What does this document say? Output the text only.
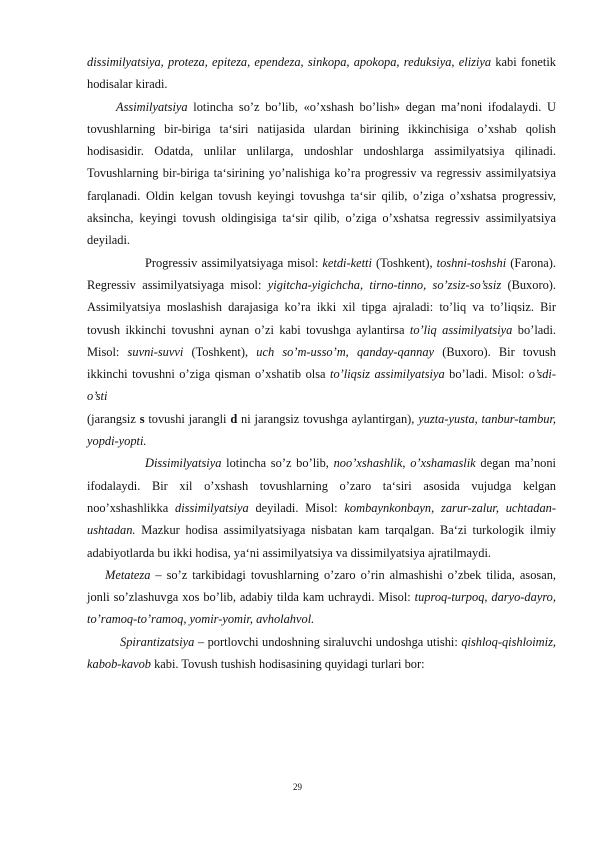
dissimilyatsiya, proteza, epiteza, ependeza, sinkopa, apokopa, reduksiya, eliziya kabi fonetik hodisalar kiradi.

Assimilyatsiya lotincha so’z bo’lib, «o’xshash bo’lish» degan ma’noni ifodalaydi. U tovushlarning bir-biriga ta‘siri natijasida ulardan birining ikkinchisiga o’xshab qolish hodisasidir. Odatda, unlilar unlilarga, undoshlar undoshlarga assimilyatsiya qilinadi. Tovushlarning bir-biriga ta‘sirining yo’nalishiga ko’ra progressiv va regressiv assimilyatsiya farqlanadi. Oldin kelgan tovush keyingi tovushga ta‘sir qilib, o’ziga o’xshatsa progressiv, aksincha, keyingi tovush oldingisiga ta‘sir qilib, o’ziga o’xshatsa regressiv assimilyatsiya deyiladi.

Progressiv assimilyatsiyaga misol: ketdi-ketti (Toshkent), toshni-toshshi (Farona). Regressiv assimilyatsiyaga misol: yigitcha-yigichcha, tirno-tinno, so’zsiz-so’ssiz (Buxoro). Assimilyatsiya moslashish darajasiga ko’ra ikki xil tipga ajraladi: to’liq va to’liqsiz. Bir tovush ikkinchi tovushni aynan o’zi kabi tovushga aylantirsa to’liq assimilyatsiya bo’ladi. Misol: suvni-suvvi (Toshkent), uch so’m-usso’m, qanday-qannay (Buxoro). Bir tovush ikkinchi tovushni o’ziga qisman o’xshatib olsa to’liqsiz assimilyatsiya bo’ladi. Misol: o’sdi-o’sti

(jarangsiz s tovushi jarangli d ni jarangsiz tovushga aylantirgan), yuzta-yusta, tanbur-tambur, yopdi-yopti.

Dissimilyatsiya lotincha so’z bo’lib, noo’xshashlik, o’xshamaslik degan ma’noni ifodalaydi. Bir xil o’xshash tovushlarning o’zaro ta‘siri asosida vujudga kelgan noo’xshashlikka dissimilyatsiya deyiladi. Misol: kombaynkonbayn, zarur-zalur, uchtadan-ushtadan. Mazkur hodisa assimilyatsiyaga nisbatan kam tarqalgan. Ba‘zi turkologik ilmiy adabiyotlarda bu ikki hodisa, ya‘ni assimilyatsiya va dissimilyatsiya ajratilmaydi.

Metateza – so’z tarkibidagi tovushlarning o’zaro o’rin almashishi o’zbek tilida, asosan, jonli so’zlashuvga xos bo’lib, adabiy tilda kam uchraydi. Misol: tuproq-turpoq, daryo-dayro, to’ramoq-to’ramoq, yomir-yomir, avholahvol.

Spirantizatsiya – portlovchi undoshning siraluvchi undoshga utishi: qishloq-qishloimiz, kabob-kavob kabi. Tovush tushish hodisasining quyidagi turlari bor:

29
